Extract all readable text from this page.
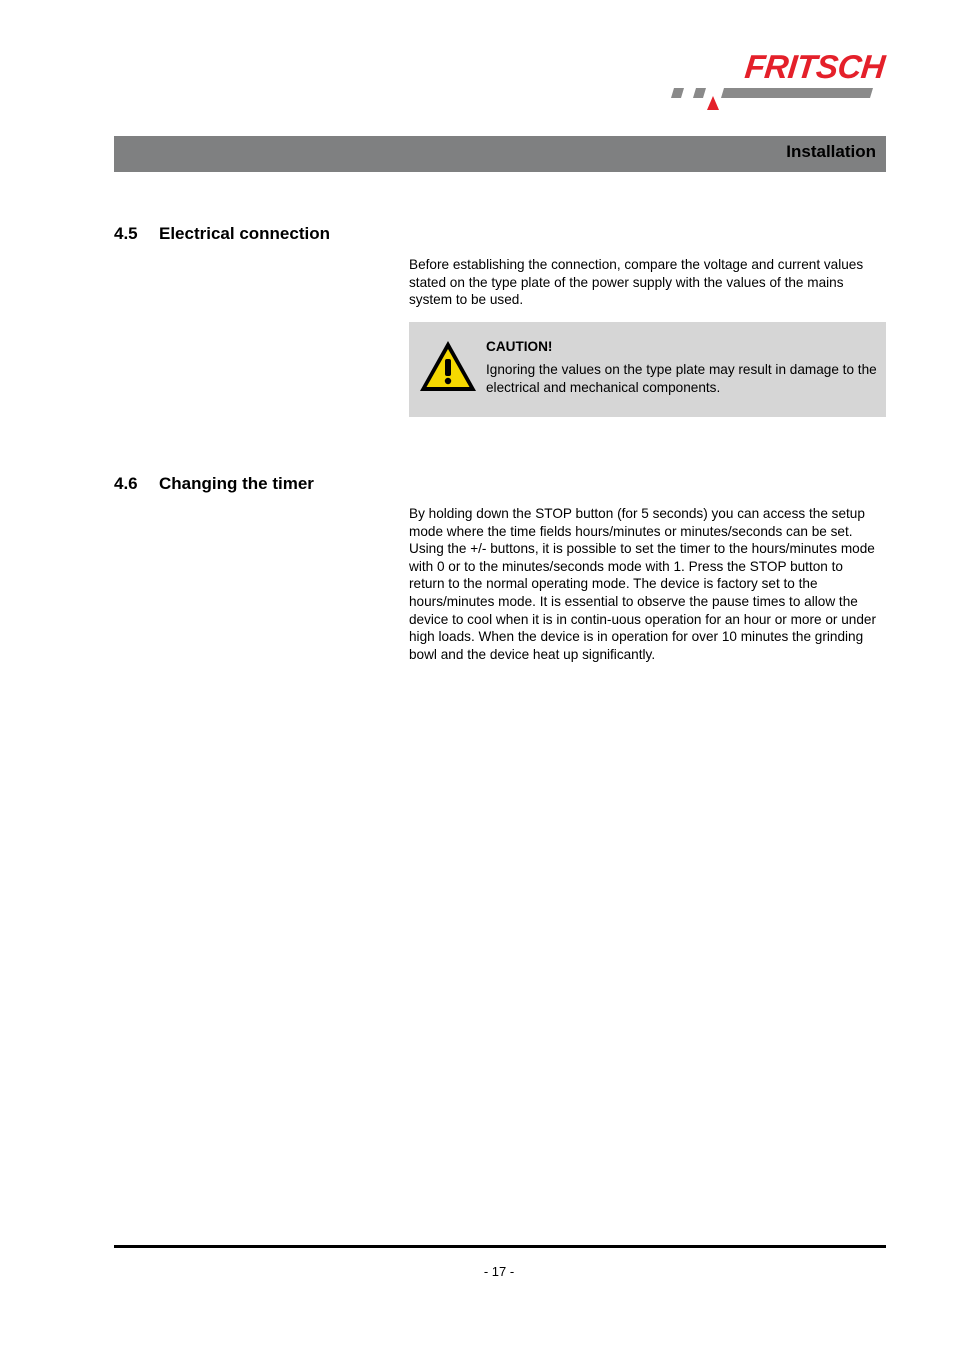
FRITSCH
Installation
4.5 Electrical connection
Before establishing the connection, compare the voltage and current values stated on the type plate of the power supply with the values of the mains system to be used.
CAUTION!
Ignoring the values on the type plate may result in damage to the electrical and mechanical components.
4.6 Changing the timer
By holding down the STOP button (for 5 seconds) you can access the setup mode where the time fields hours/minutes or minutes/seconds can be set. Using the +/- buttons, it is possible to set the timer to the hours/minutes mode with 0 or to the minutes/seconds mode with 1. Press the STOP button to return to the normal operating mode. The device is factory set to the hours/minutes mode. It is essential to observe the pause times to allow the device to cool when it is in contin-uous operation for an hour or more or under high loads. When the device is in operation for over 10 minutes the grinding bowl and the device heat up significantly.
- 17 -
